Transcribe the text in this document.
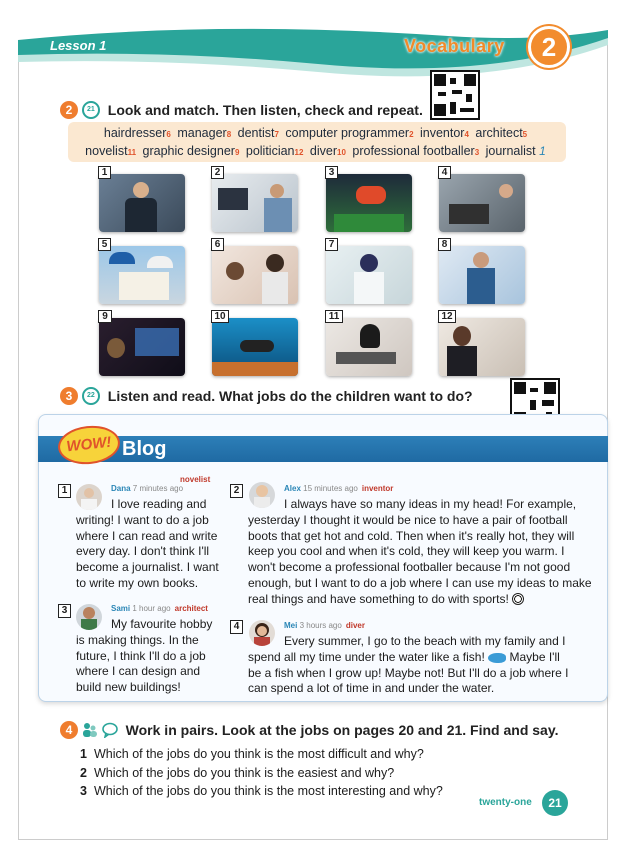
Lesson 1	Vocabulary	2
2 21 Look and match. Then listen, check and repeat.
hairdresser6 manager8 dentist7 computer programmer2 inventor4 architect5
novelist11 graphic designer9 politician12 diver10 professional footballer3 journalist 1
1	2	3	4
5	6	7	8
9	10	11	12
3 22 Listen and read. What jobs do the children want to do?
WOW! Blog
1	Dana 7 minutes ago
novelist
I love reading and
writing! I want to do a job
where I can read and write
every day. I don't think I'll
become a journalist. I want
to write my own books.
2	Alex 15 minutes ago inventor
I always have so many ideas in my head! For example,
yesterday I thought it would be nice to have a pair of football
boots that get hot and cold. Then when it's really hot, they will
keep you cool and when it's cold, they will keep you warm. I
won't become a professional footballer because I'm not good
enough, but I want to do a job where I can use my ideas to make
real things and have something to do with sports!
3	Sami 1 hour ago architect
My favourite hobby
is making things. In the
future, I think I'll do a job
where I can design and
build new buildings!
4	Mei 3 hours ago diver
Every summer, I go to the beach with my family and I
spend all my time under the water like a fish! Maybe I'll
be a fish when I grow up! Maybe not! But I'll do a job where I
can spend a lot of time in and under the water.
4	Work in pairs. Look at the jobs on pages 20 and 21. Find and say.
1 Which of the jobs do you think is the most difficult and why?
2 Which of the jobs do you think is the easiest and why?
3 Which of the jobs do you think is the most interesting and why?
twenty-one	21
